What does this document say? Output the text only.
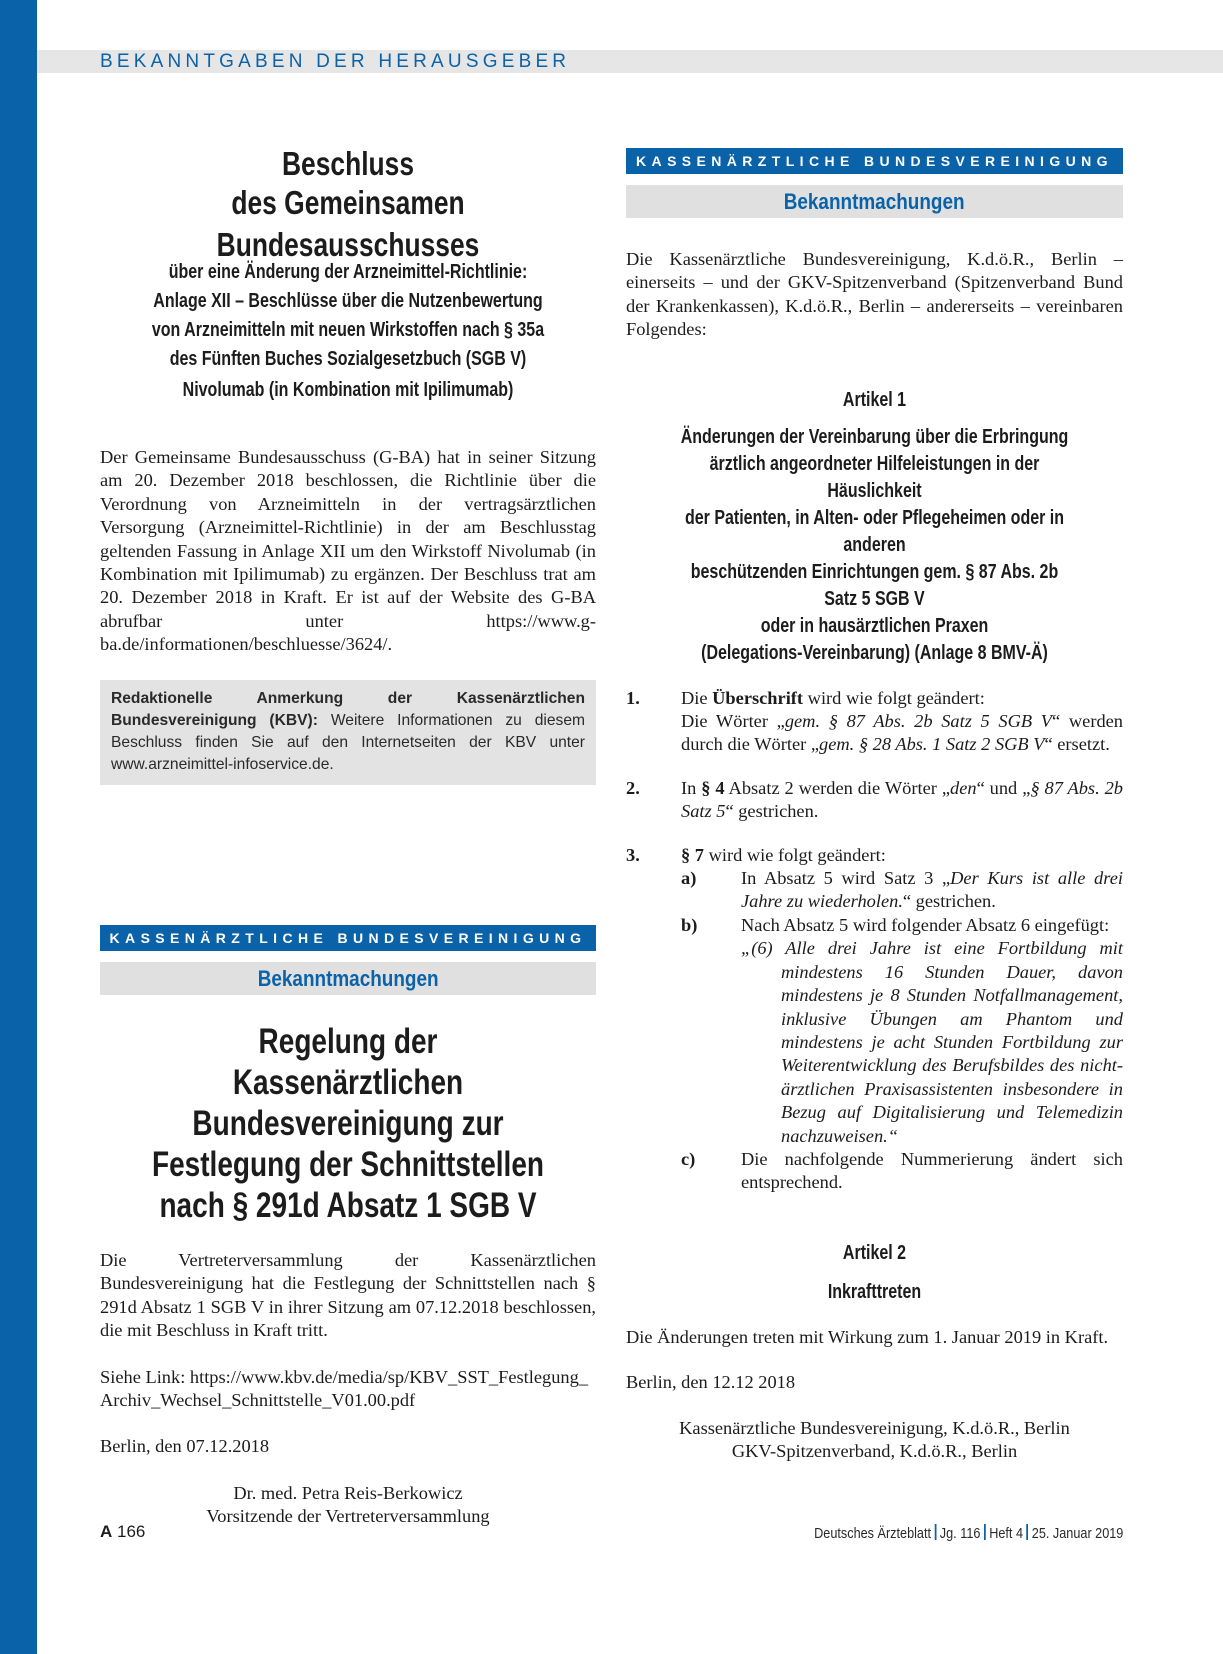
BEKANNTGABEN DER HERAUSGEBER
Beschluss
des Gemeinsamen Bundesausschusses
über eine Änderung der Arzneimittel-Richtlinie:
Anlage XII – Beschlüsse über die Nutzenbewertung
von Arzneimitteln mit neuen Wirkstoffen nach § 35a
des Fünften Buches Sozialgesetzbuch (SGB V)
Nivolumab (in Kombination mit Ipilimumab)
Der Gemeinsame Bundesausschuss (G-BA) hat in seiner Sitzung am 20. Dezember 2018 beschlossen, die Richtlinie über die Verordnung von Arzneimitteln in der vertragsärztlichen Versorgung (Arzneimittel-Richtlinie) in der am Beschlusstag geltenden Fassung in Anlage XII um den Wirkstoff Nivolumab (in Kombination mit Ipilimumab) zu ergänzen. Der Beschluss trat am 20. Dezember 2018 in Kraft. Er ist auf der Website des G-BA abrufbar unter https://www.g-ba.de/informationen/beschluesse/3624/.
Redaktionelle Anmerkung der Kassenärztlichen Bundesvereinigung (KBV): Weitere Informationen zu diesem Beschluss finden Sie auf den Internetseiten der KBV unter www.arzneimittel-infoservice.de.
KASSENÄRZTLICHE BUNDESVEREINIGUNG
Bekanntmachungen
Regelung der Kassenärztlichen
Bundesvereinigung zur
Festlegung der Schnittstellen
nach § 291d Absatz 1 SGB V
Die Vertreterversammlung der Kassenärztlichen Bundesvereinigung hat die Festlegung der Schnittstellen nach § 291d Absatz 1 SGB V in ihrer Sitzung am 07.12.2018 beschlossen, die mit Beschluss in Kraft tritt.
Siehe Link: https://www.kbv.de/media/sp/KBV_SST_Festlegung_
Archiv_Wechsel_Schnittstelle_V01.00.pdf
Berlin, den 07.12.2018
Dr. med. Petra Reis-Berkowicz
Vorsitzende der Vertreterversammlung
KASSENÄRZTLICHE BUNDESVEREINIGUNG
Bekanntmachungen
Die Kassenärztliche Bundesvereinigung, K.d.ö.R., Berlin – einerseits – und der GKV-Spitzenverband (Spitzenverband Bund der Krankenkassen), K.d.ö.R., Berlin – andererseits – vereinbaren Folgendes:
Artikel 1
Änderungen der Vereinbarung über die Erbringung
ärztlich angeordneter Hilfeleistungen in der Häuslichkeit
der Patienten, in Alten- oder Pflegeheimen oder in anderen
beschützenden Einrichtungen gem. § 87 Abs. 2b Satz 5 SGB V
oder in hausärztlichen Praxen
(Delegations-Vereinbarung) (Anlage 8 BMV-Ä)
1. Die Überschrift wird wie folgt geändert:
Die Wörter „gem. § 87 Abs. 2b Satz 5 SGB V“ werden durch die Wörter „gem. § 28 Abs. 1 Satz 2 SGB V“ ersetzt.
2. In § 4 Absatz 2 werden die Wörter „den“ und „§ 87 Abs. 2b Satz 5“ gestrichen.
3. § 7 wird wie folgt geändert:
a) In Absatz 5 wird Satz 3 „Der Kurs ist alle drei Jahre zu wiederholen.“ gestrichen.
b) Nach Absatz 5 wird folgender Absatz 6 eingefügt:
„(6) Alle drei Jahre ist eine Fortbildung mit mindestens 16 Stunden Dauer, davon mindestens je 8 Stunden Notfallmanagement, inklusive Übungen am Phantom und mindestens je acht Stunden Fortbildung zur Weiterentwicklung des Berufsbildes des nicht-ärztlichen Praxisassistenten insbesondere in Bezug auf Digitalisierung und Telemedizin nachzuweisen.“
c) Die nachfolgende Nummerierung ändert sich entsprechend.
Artikel 2
Inkrafttreten
Die Änderungen treten mit Wirkung zum 1. Januar 2019 in Kraft.
Berlin, den 12.12 2018
Kassenärztliche Bundesvereinigung, K.d.ö.R., Berlin
GKV-Spitzenverband, K.d.ö.R., Berlin
A 166	Deutsches Ärzteblatt Jg. 116 Heft 4 25. Januar 2019
